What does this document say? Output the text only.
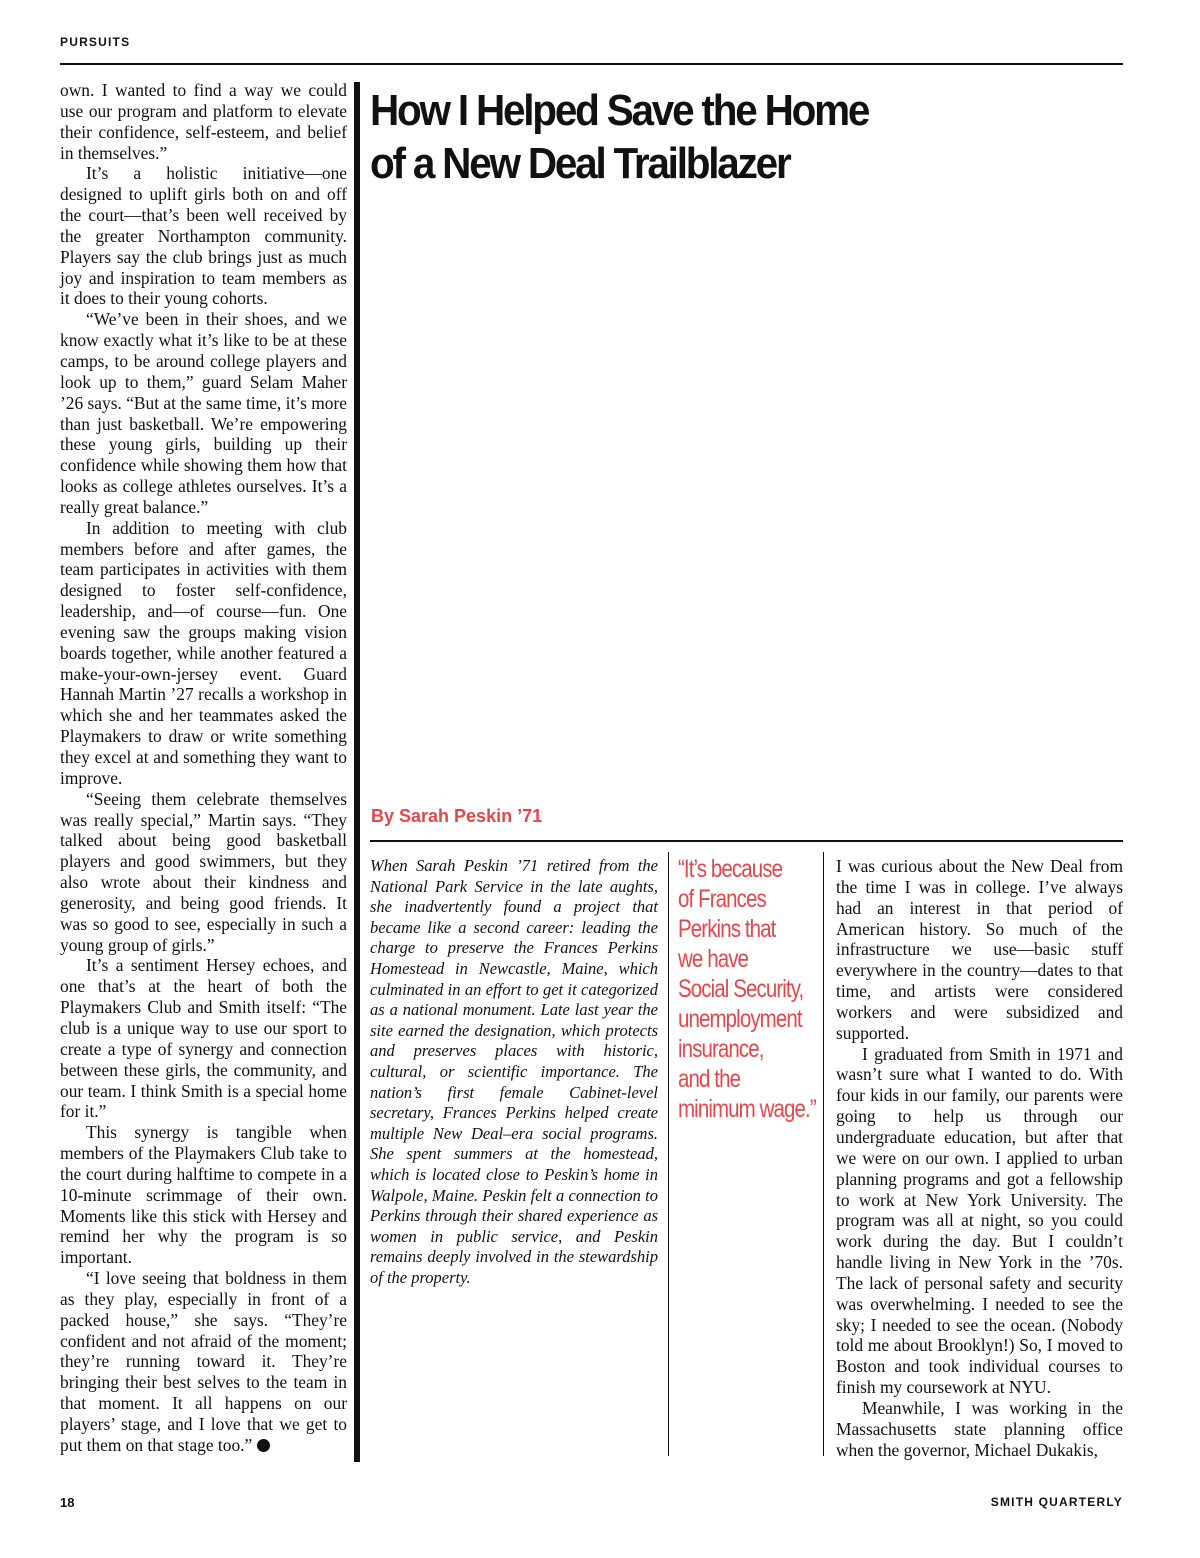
PURSUITS

own. I wanted to find a way we could use our program and platform to elevate their confidence, self-esteem, and belief in themselves.”

It’s a holistic initiative—one designed to uplift girls both on and off the court—that’s been well received by the greater Northampton community. Players say the club brings just as much joy and inspiration to team members as it does to their young cohorts.

“We’ve been in their shoes, and we know exactly what it’s like to be at these camps, to be around college players and look up to them,” guard Selam Maher ’26 says. “But at the same time, it’s more than just basketball. We’re empowering these young girls, building up their confidence while showing them how that looks as college athletes ourselves. It’s a really great balance.”

In addition to meeting with club members before and after games, the team participates in activities with them designed to foster self-confidence, leadership, and—of course—fun. One evening saw the groups making vision boards together, while another featured a make-your-own-jersey event. Guard Hannah Martin ’27 recalls a workshop in which she and her teammates asked the Playmakers to draw or write something they excel at and something they want to improve.

“Seeing them celebrate themselves was really special,” Martin says. “They talked about being good basketball players and good swimmers, but they also wrote about their kindness and generosity, and being good friends. It was so good to see, especially in such a young group of girls.”

It’s a sentiment Hersey echoes, and one that’s at the heart of both the Playmakers Club and Smith itself: “The club is a unique way to use our sport to create a type of synergy and connection between these girls, the community, and our team. I think Smith is a special home for it.”

This synergy is tangible when members of the Playmakers Club take to the court during halftime to compete in a 10-minute scrimmage of their own. Moments like this stick with Hersey and remind her why the program is so important.

“I love seeing that boldness in them as they play, especially in front of a packed house,” she says. “They’re confident and not afraid of the moment; they’re running toward it. They’re bringing their best selves to the team in that moment. It all happens on our players’ stage, and I love that we get to put them on that stage too.”

How I Helped Save the Home
of a New Deal Trailblazer
By Sarah Peskin ’71

When Sarah Peskin ’71 retired from the National Park Service in the late aughts, she inadvertently found a project that became like a second career: leading the charge to preserve the Frances Perkins Homestead in Newcastle, Maine, which culminated in an effort to get it categorized as a national monument. Late last year the site earned the designation, which protects and preserves places with historic, cultural, or scientific importance. The nation’s first female Cabinet-level secretary, Frances Perkins helped create multiple New Deal–era social programs. She spent summers at the homestead, which is located close to Peskin’s home in Walpole, Maine. Peskin felt a connection to Perkins through their shared experience as women in public service, and Peskin remains deeply involved in the stewardship of the property.

“It’s because
of Frances
Perkins that
we have
Social Security,
unemployment
insurance,
and the
minimum wage.”

I was curious about the New Deal from the time I was in college. I’ve always had an interest in that period of American history. So much of the infrastructure we use—basic stuff everywhere in the country—dates to that time, and artists were considered workers and were subsidized and supported.

I graduated from Smith in 1971 and wasn’t sure what I wanted to do. With four kids in our family, our parents were going to help us through our undergraduate education, but after that we were on our own. I applied to urban planning programs and got a fellowship to work at New York University. The program was all at night, so you could work during the day. But I couldn’t handle living in New York in the ’70s. The lack of personal safety and security was overwhelming. I needed to see the sky; I needed to see the ocean. (Nobody told me about Brooklyn!) So, I moved to Boston and took individual courses to finish my coursework at NYU.

Meanwhile, I was working in the Massachusetts state planning office when the governor, Michael Dukakis,

18	SMITH QUARTERLY
